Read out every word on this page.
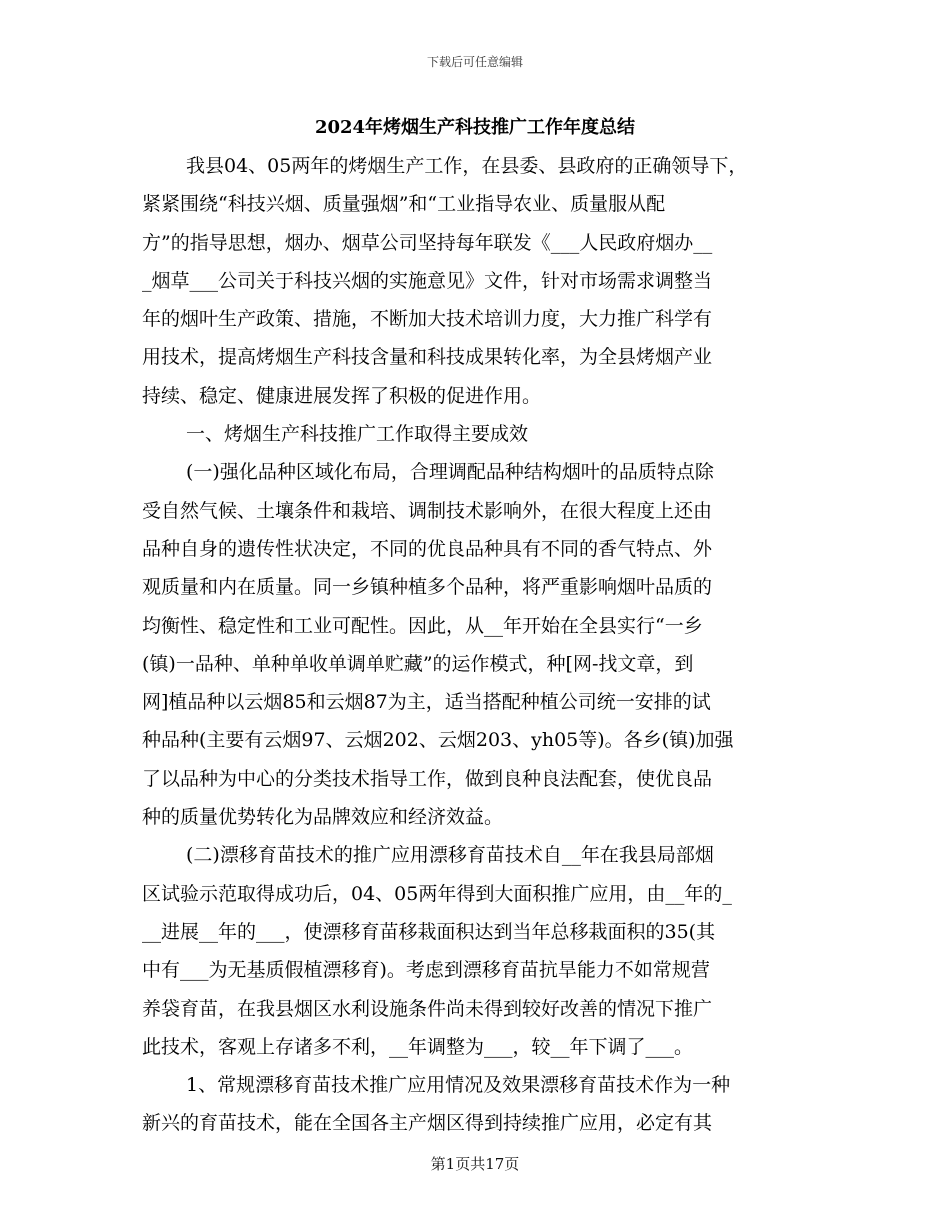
下载后可任意编辑
2024年烤烟生产科技推广工作年度总结
我县04、05两年的烤烟生产工作，在县委、县政府的正确领导下，
紧紧围绕“科技兴烟、质量强烟”和“工业指导农业、质量服从配
方”的指导思想，烟办、烟草公司坚持每年联发《___人民政府烟办__
_烟草___公司关于科技兴烟的实施意见》文件，针对市场需求调整当
年的烟叶生产政策、措施，不断加大技术培训力度，大力推广科学有
用技术，提高烤烟生产科技含量和科技成果转化率，为全县烤烟产业
持续、稳定、健康进展发挥了积极的促进作用。
一、烤烟生产科技推广工作取得主要成效
(一)强化品种区域化布局，合理调配品种结构烟叶的品质特点除
受自然气候、土壤条件和栽培、调制技术影响外，在很大程度上还由
品种自身的遗传性状决定，不同的优良品种具有不同的香气特点、外
观质量和内在质量。同一乡镇种植多个品种，将严重影响烟叶品质的
均衡性、稳定性和工业可配性。因此，从__年开始在全县实行“一乡
(镇)一品种、单种单收单调单贮藏”的运作模式，种[网-找文章，到
网]植品种以云烟85和云烟87为主，适当搭配种植公司统一安排的试
种品种(主要有云烟97、云烟202、云烟203、yh05等)。各乡(镇)加强
了以品种为中心的分类技术指导工作，做到良种良法配套，使优良品
种的质量优势转化为品牌效应和经济效益。
(二)漂移育苗技术的推广应用漂移育苗技术自__年在我县局部烟
区试验示范取得成功后，04、05两年得到大面积推广应用，由__年的_
__进展__年的___，使漂移育苗移栽面积达到当年总移栽面积的35(其
中有___为无基质假植漂移育)。考虑到漂移育苗抗旱能力不如常规营
养袋育苗，在我县烟区水利设施条件尚未得到较好改善的情况下推广
此技术，客观上存诸多不利，__年调整为___，较__年下调了___。
1、常规漂移育苗技术推广应用情况及效果漂移育苗技术作为一种
新兴的育苗技术，能在全国各主产烟区得到持续推广应用，必定有其
第1页共17页
